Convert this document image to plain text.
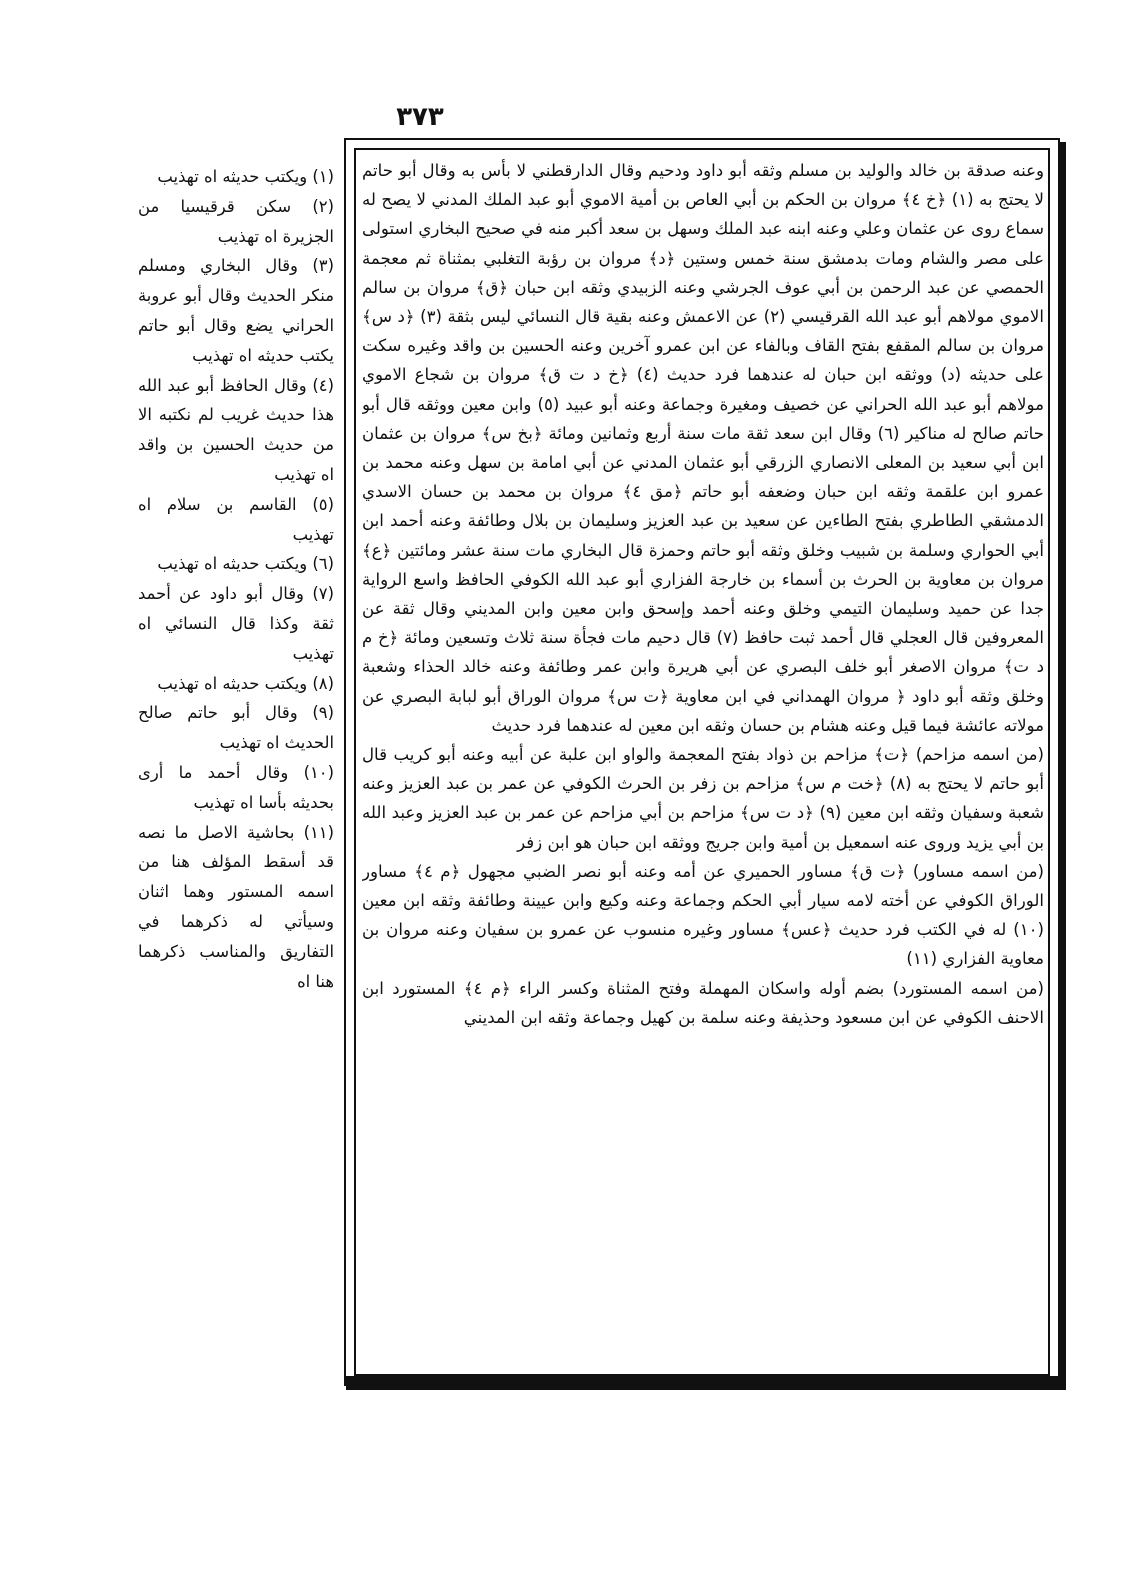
٣٧٣

وعنه صدقة بن خالد والوليد بن مسلم وثقه أبو داود ودحيم وقال الدارقطني لا بأس به وقال أبو حاتم لا يحتج به (١) ﴿خ ٤﴾ مروان بن الحكم بن أبي العاص بن أمية الاموي أبو عبد الملك المدني لا يصح له سماع روى عن عثمان وعلي وعنه ابنه عبد الملك وسهل بن سعد أكبر منه في صحيح البخاري استولى على مصر والشام ومات بدمشق سنة خمس وستين ﴿د﴾ مروان بن رؤبة التغلبي بمثناة ثم معجمة الحمصي عن عبد الرحمن بن أبي عوف الجرشي وعنه الزبيدي وثقه ابن حبان ﴿ق﴾ مروان بن سالم الاموي مولاهم أبو عبد الله القرقيسي (٢) عن الاعمش وعنه بقية قال النسائي ليس بثقة (٣) ﴿د س﴾ مروان بن سالم المقفع بفتح القاف وبالفاء عن ابن عمرو آخرين وعنه الحسين بن واقد وغيره سكت على حديثه (د) ووثقه ابن حبان له عندهما فرد حديث (٤) ﴿خ د ت ق﴾ مروان بن شجاع الاموي مولاهم أبو عبد الله الحراني عن خصيف ومغيرة وجماعة وعنه أبو عبيد (٥) وابن معين ووثقه قال أبو حاتم صالح له مناكير (٦) وقال ابن سعد ثقة مات سنة أربع وثمانين ومائة ﴿بخ س﴾ مروان بن عثمان ابن أبي سعيد بن المعلى الانصاري الزرقي أبو عثمان المدني عن أبي امامة بن سهل وعنه محمد بن عمرو ابن علقمة وثقه ابن حبان وضعفه أبو حاتم ﴿مق ٤﴾ مروان بن محمد بن حسان الاسدي الدمشقي الطاطري بفتح الطاءين عن سعيد بن عبد العزيز وسليمان بن بلال وطائفة وعنه أحمد ابن أبي الحواري وسلمة بن شبيب وخلق وثقه أبو حاتم وحمزة قال البخاري مات سنة عشر ومائتين ﴿ع﴾ مروان بن معاوية بن الحرث بن أسماء بن خارجة الفزاري أبو عبد الله الكوفي الحافظ واسع الرواية جدا عن حميد وسليمان التيمي وخلق وعنه أحمد وإسحق وابن معين وابن المديني وقال ثقة عن المعروفين قال العجلي قال أحمد ثبت حافظ (٧) قال دحيم مات فجأة سنة ثلاث وتسعين ومائة ﴿خ م د ت﴾ مروان الاصغر أبو خلف البصري عن أبي هريرة وابن عمر وطائفة وعنه خالد الحذاء وشعبة وخلق وثقه أبو داود ﴿ مروان الهمداني في ابن معاوية ﴿ت س﴾ مروان الوراق أبو لبابة البصري عن مولاته عائشة فيما قيل وعنه هشام بن حسان وثقه ابن معين له عندهما فرد حديث

(من اسمه مزاحم) ﴿ت﴾ مزاحم بن ذواد بفتح المعجمة والواو ابن علبة عن أبيه وعنه أبو كريب قال أبو حاتم لا يحتج به (٨) ﴿خت م س﴾ مزاحم بن زفر بن الحرث الكوفي عن عمر بن عبد العزيز وعنه شعبة وسفيان وثقه ابن معين (٩) ﴿د ت س﴾ مزاحم بن أبي مزاحم عن عمر بن عبد العزيز وعبد الله بن أبي يزيد وروى عنه اسمعيل بن أمية وابن جريج ووثقه ابن حبان هو ابن زفر

(من اسمه مساور) ﴿ت ق﴾ مساور الحميري عن أمه وعنه أبو نصر الضبي مجهول ﴿م ٤﴾ مساور الوراق الكوفي عن أخته لامه سيار أبي الحكم وجماعة وعنه وكيع وابن عيينة وطائفة وثقه ابن معين (١٠) له في الكتب فرد حديث ﴿عس﴾ مساور وغيره منسوب عن عمرو بن سفيان وعنه مروان بن معاوية الفزاري (١١)

(من اسمه المستورد) بضم أوله واسكان المهملة وفتح المثناة وكسر الراء ﴿م ٤﴾ المستورد ابن الاحنف الكوفي عن ابن مسعود وحذيفة وعنه سلمة بن كهيل وجماعة وثقه ابن المديني

(١) ويكتب حديثه اه تهذيب

(٢) سكن قرقيسيا من الجزيرة اه تهذيب

(٣) وقال البخاري ومسلم منكر الحديث وقال أبو عروبة الحراني يضع وقال أبو حاتم يكتب حديثه اه تهذيب

(٤) وقال الحافظ أبو عبد الله هذا حديث غريب لم نكتبه الا من حديث الحسين بن واقد اه تهذيب

(٥) القاسم بن سلام اه تهذيب

(٦) ويكتب حديثه اه تهذيب

(٧) وقال أبو داود عن أحمد ثقة وكذا قال النسائي اه تهذيب

(٨) ويكتب حديثه اه تهذيب

(٩) وقال أبو حاتم صالح الحديث اه تهذيب

(١٠) وقال أحمد ما أرى بحديثه بأسا اه تهذيب

(١١) بحاشية الاصل ما نصه قد أسقط المؤلف هنا من اسمه المستور وهما اثنان وسيأتي له ذكرهما في التفاريق والمناسب ذكرهما هنا اه
